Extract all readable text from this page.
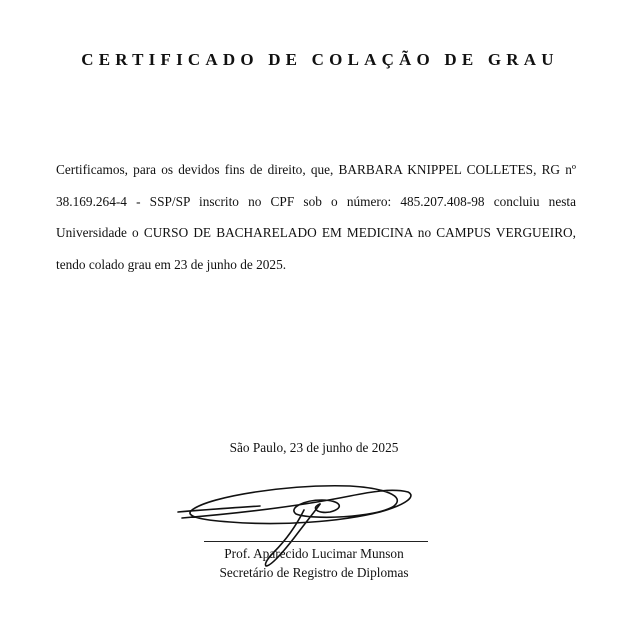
CERTIFICADO DE COLAÇÃO DE GRAU
Certificamos, para os devidos fins de direito, que, BARBARA KNIPPEL COLLETES, RG nº
38.169.264-4 - SSP/SP inscrito no CPF sob o número: 485.207.408-98 concluiu nesta
Universidade o CURSO DE BACHARELADO EM MEDICINA no CAMPUS VERGUEIRO,
tendo colado grau em 23 de junho de 2025.
São Paulo, 23 de junho de 2025
Prof. Aparecido Lucimar Munson
Secretário de Registro de Diplomas
